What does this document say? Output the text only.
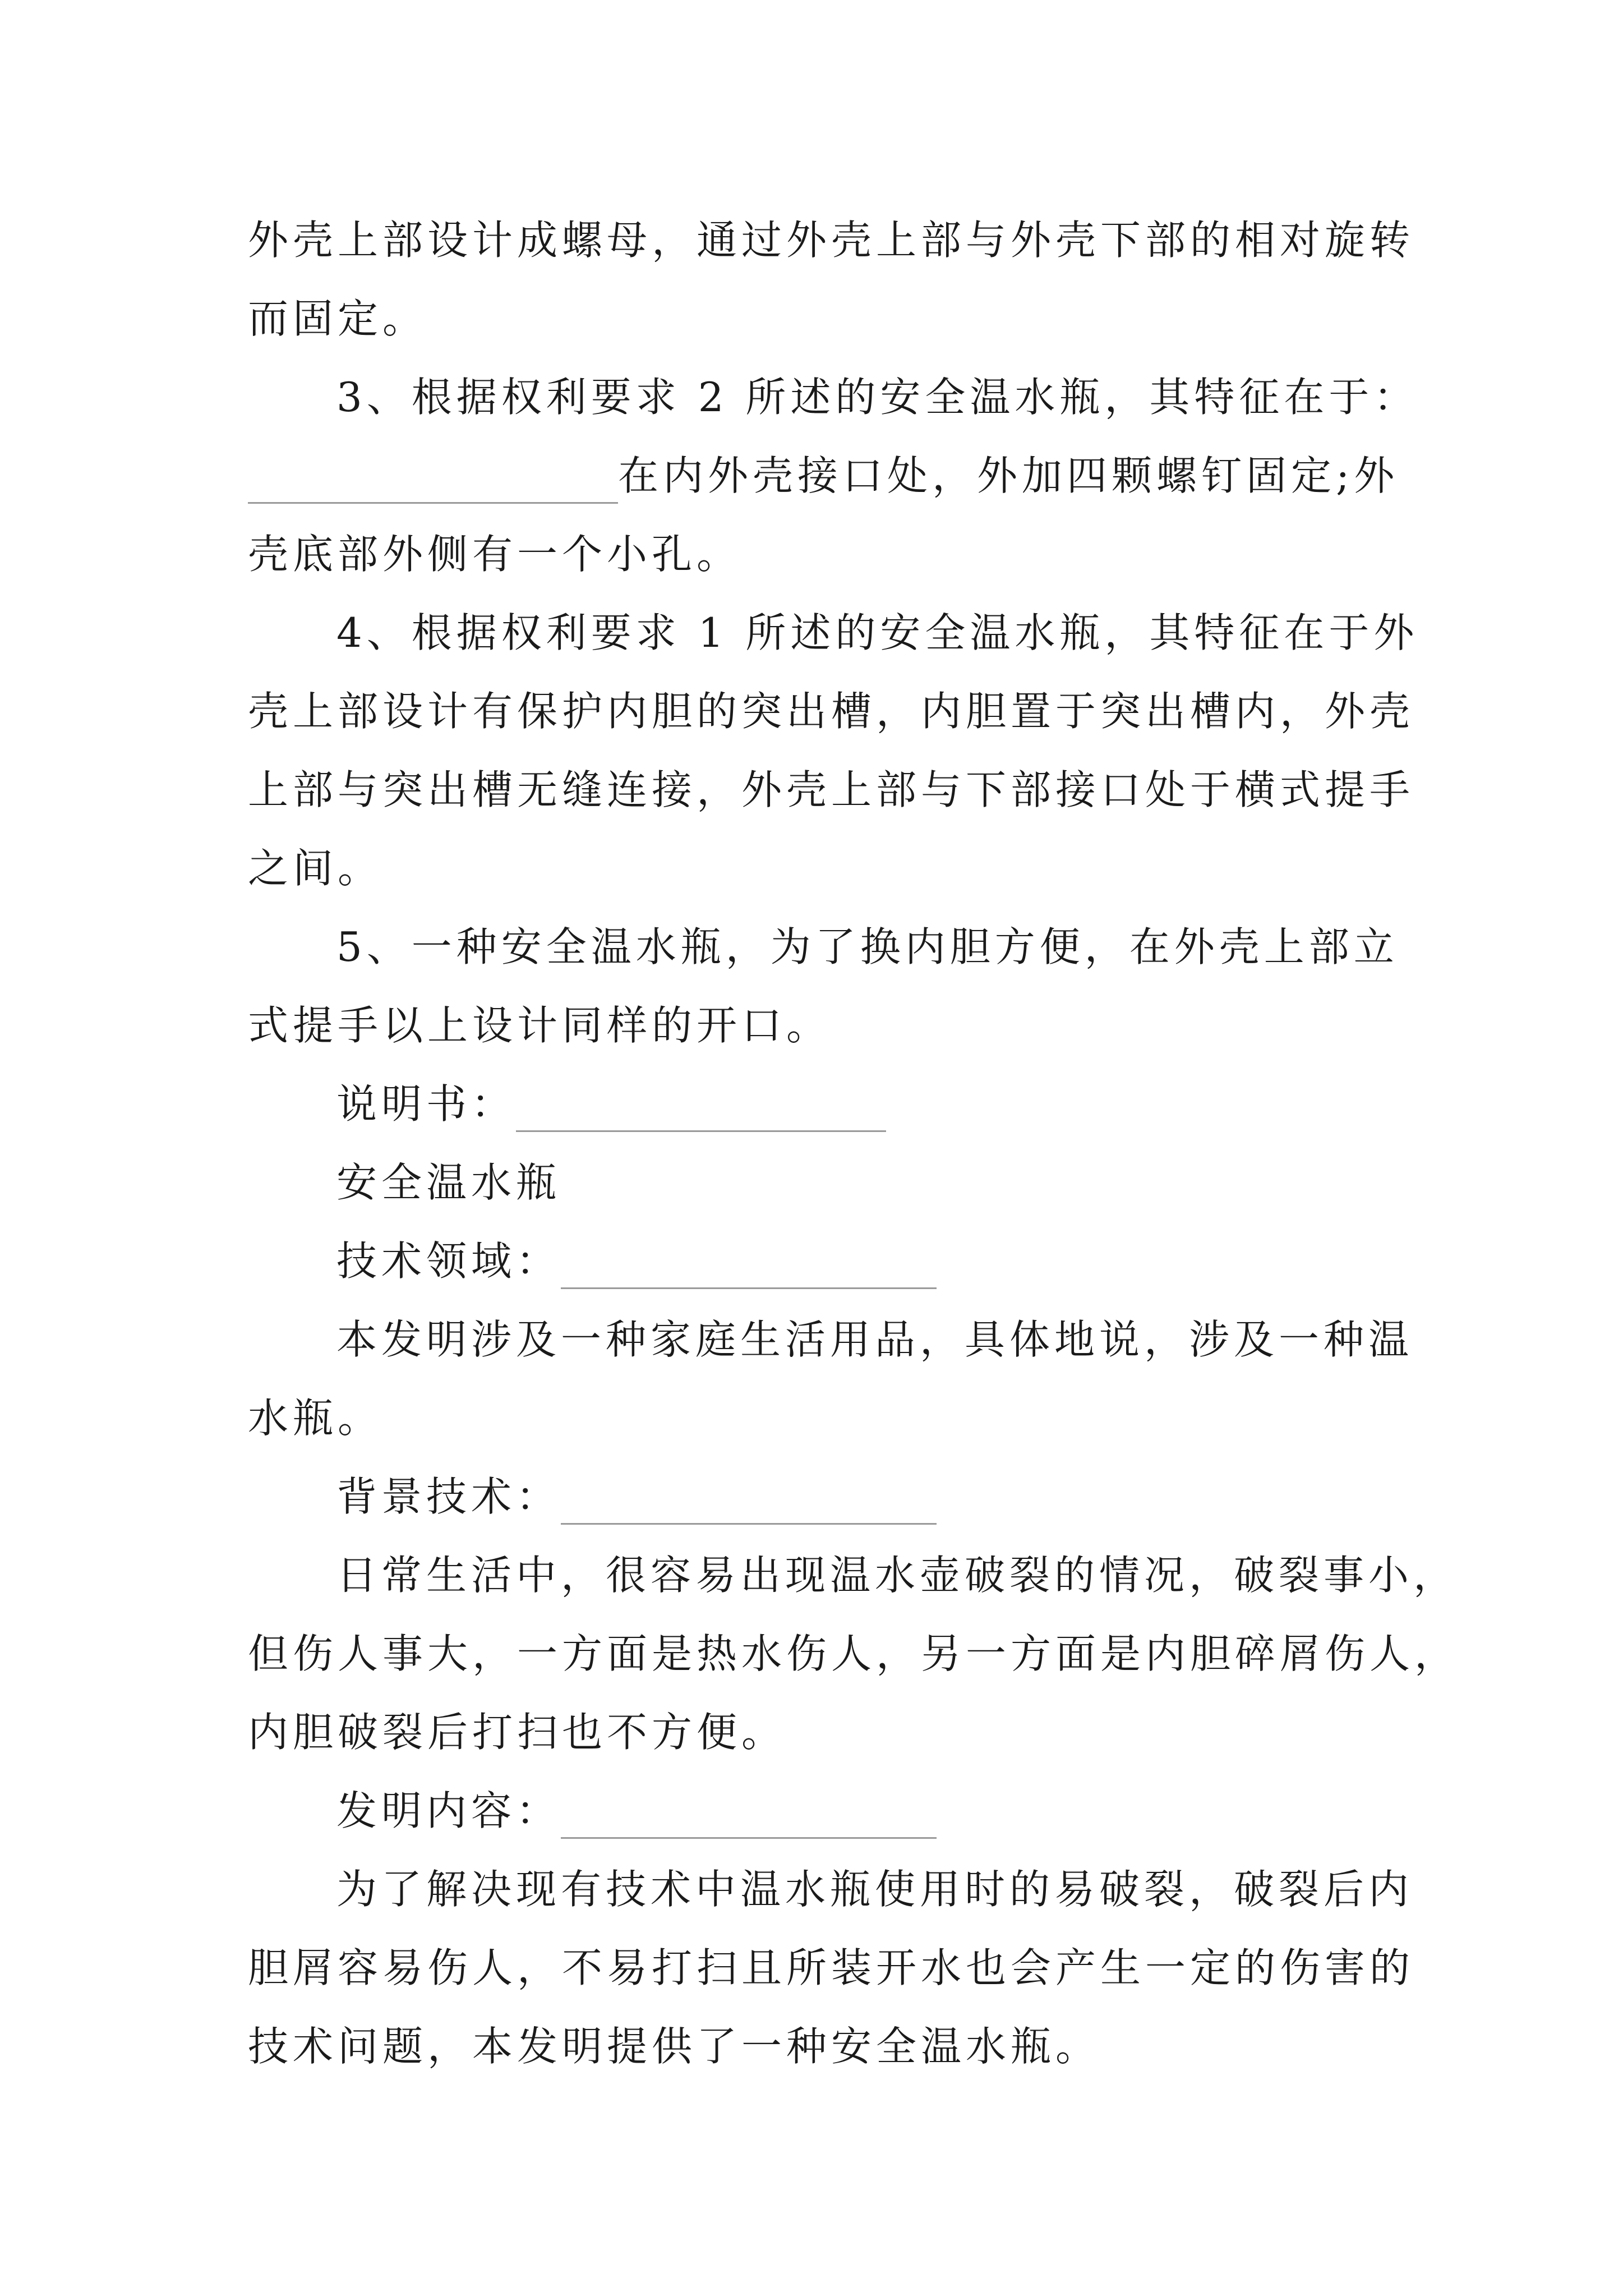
外壳上部设计成螺母，通过外壳上部与外壳下部的相对旋转
而固定。
3、根据权利要求 2 所述的安全温水瓶，其特征在于：
在内外壳接口处，外加四颗螺钉固定;外
壳底部外侧有一个小孔。
4、根据权利要求 1 所述的安全温水瓶，其特征在于外
壳上部设计有保护内胆的突出槽，内胆置于突出槽内，外壳
上部与突出槽无缝连接，外壳上部与下部接口处于横式提手
之间。
5、一种安全温水瓶，为了换内胆方便，在外壳上部立
式提手以上设计同样的开口。
说明书：
安全温水瓶
技术领域：
本发明涉及一种家庭生活用品，具体地说，涉及一种温
水瓶。
背景技术：
日常生活中，很容易出现温水壶破裂的情况，破裂事小，
但伤人事大，一方面是热水伤人，另一方面是内胆碎屑伤人，
内胆破裂后打扫也不方便。
发明内容：
为了解决现有技术中温水瓶使用时的易破裂，破裂后内
胆屑容易伤人，不易打扫且所装开水也会产生一定的伤害的
技术问题，本发明提供了一种安全温水瓶。
